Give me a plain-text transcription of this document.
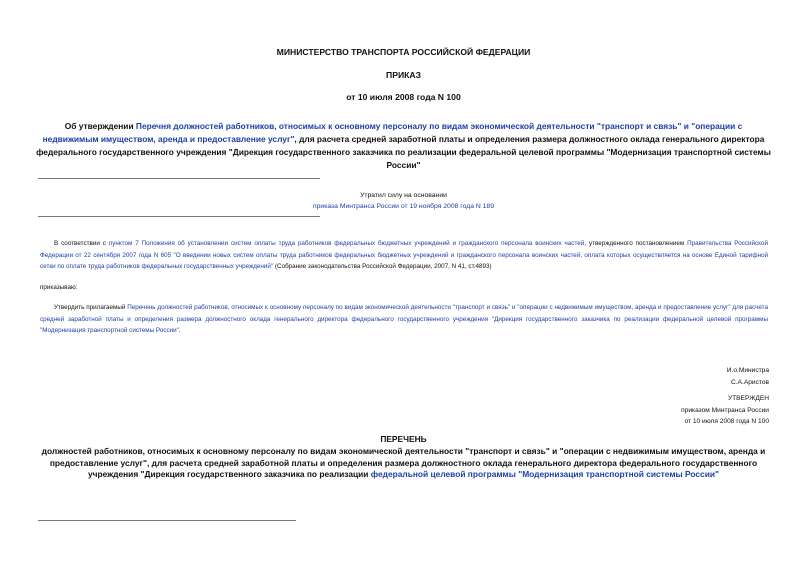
МИНИСТЕРСТВО ТРАНСПОРТА РОССИЙСКОЙ ФЕДЕРАЦИИ
ПРИКАЗ
от 10 июля 2008 года N 100
Об утверждении Перечня должностей работников, относимых к основному персоналу по видам экономической деятельности "транспорт и связь" и "операции с недвижимым имуществом, аренда и предоставление услуг", для расчета средней заработной платы и определения размера должностного оклада генерального директора федерального государственного учреждения "Дирекция государственного заказчика по реализации федеральной целевой программы "Модернизация транспортной системы России"
Утратил силу на основании
приказа Минтранса России от 19 ноября 2008 года N 189
В соответствии с пунктом 7 Положения об установлении систем оплаты труда работников федеральных бюджетных учреждений и гражданского персонала воинских частей, утвержденного постановлением Правительства Российской Федерации от 22 сентября 2007 года N 605 "О введении новых систем оплаты труда работников федеральных бюджетных учреждений и гражданского персонала воинских частей, оплата которых осуществляется на основе Единой тарифной сетки по оплате труда работников федеральных государственных учреждений" (Собрание законодательства Российской Федерации, 2007, N 41, ст.4893)
приказываю:
Утвердить прилагаемый Перечень должностей работников, относимых к основному персоналу по видам экономической деятельности "транспорт и связь" и "операции с недвижимым имуществом, аренда и предоставление услуг" для расчета средней заработной платы и определения размера должностного оклада генерального директора федерального государственного учреждения "Дирекция государственного заказчика по реализации федеральной целевой программы "Модернизация транспортной системы России".
И.о.Министра
С.А.Аристов
УТВЕРЖДЕН
приказом Минтранса России
от 10 июля 2008 года N 100
ПЕРЕЧЕНЬ
должностей работников, относимых к основному персоналу по видам экономической деятельности "транспорт и связь" и "операции с недвижимым имуществом, аренда и предоставление услуг", для расчета средней заработной платы и определения размера должностного оклада генерального директора федерального государственного учреждения "Дирекция государственного заказчика по реализации федеральной целевой программы "Модернизация транспортной системы России"
